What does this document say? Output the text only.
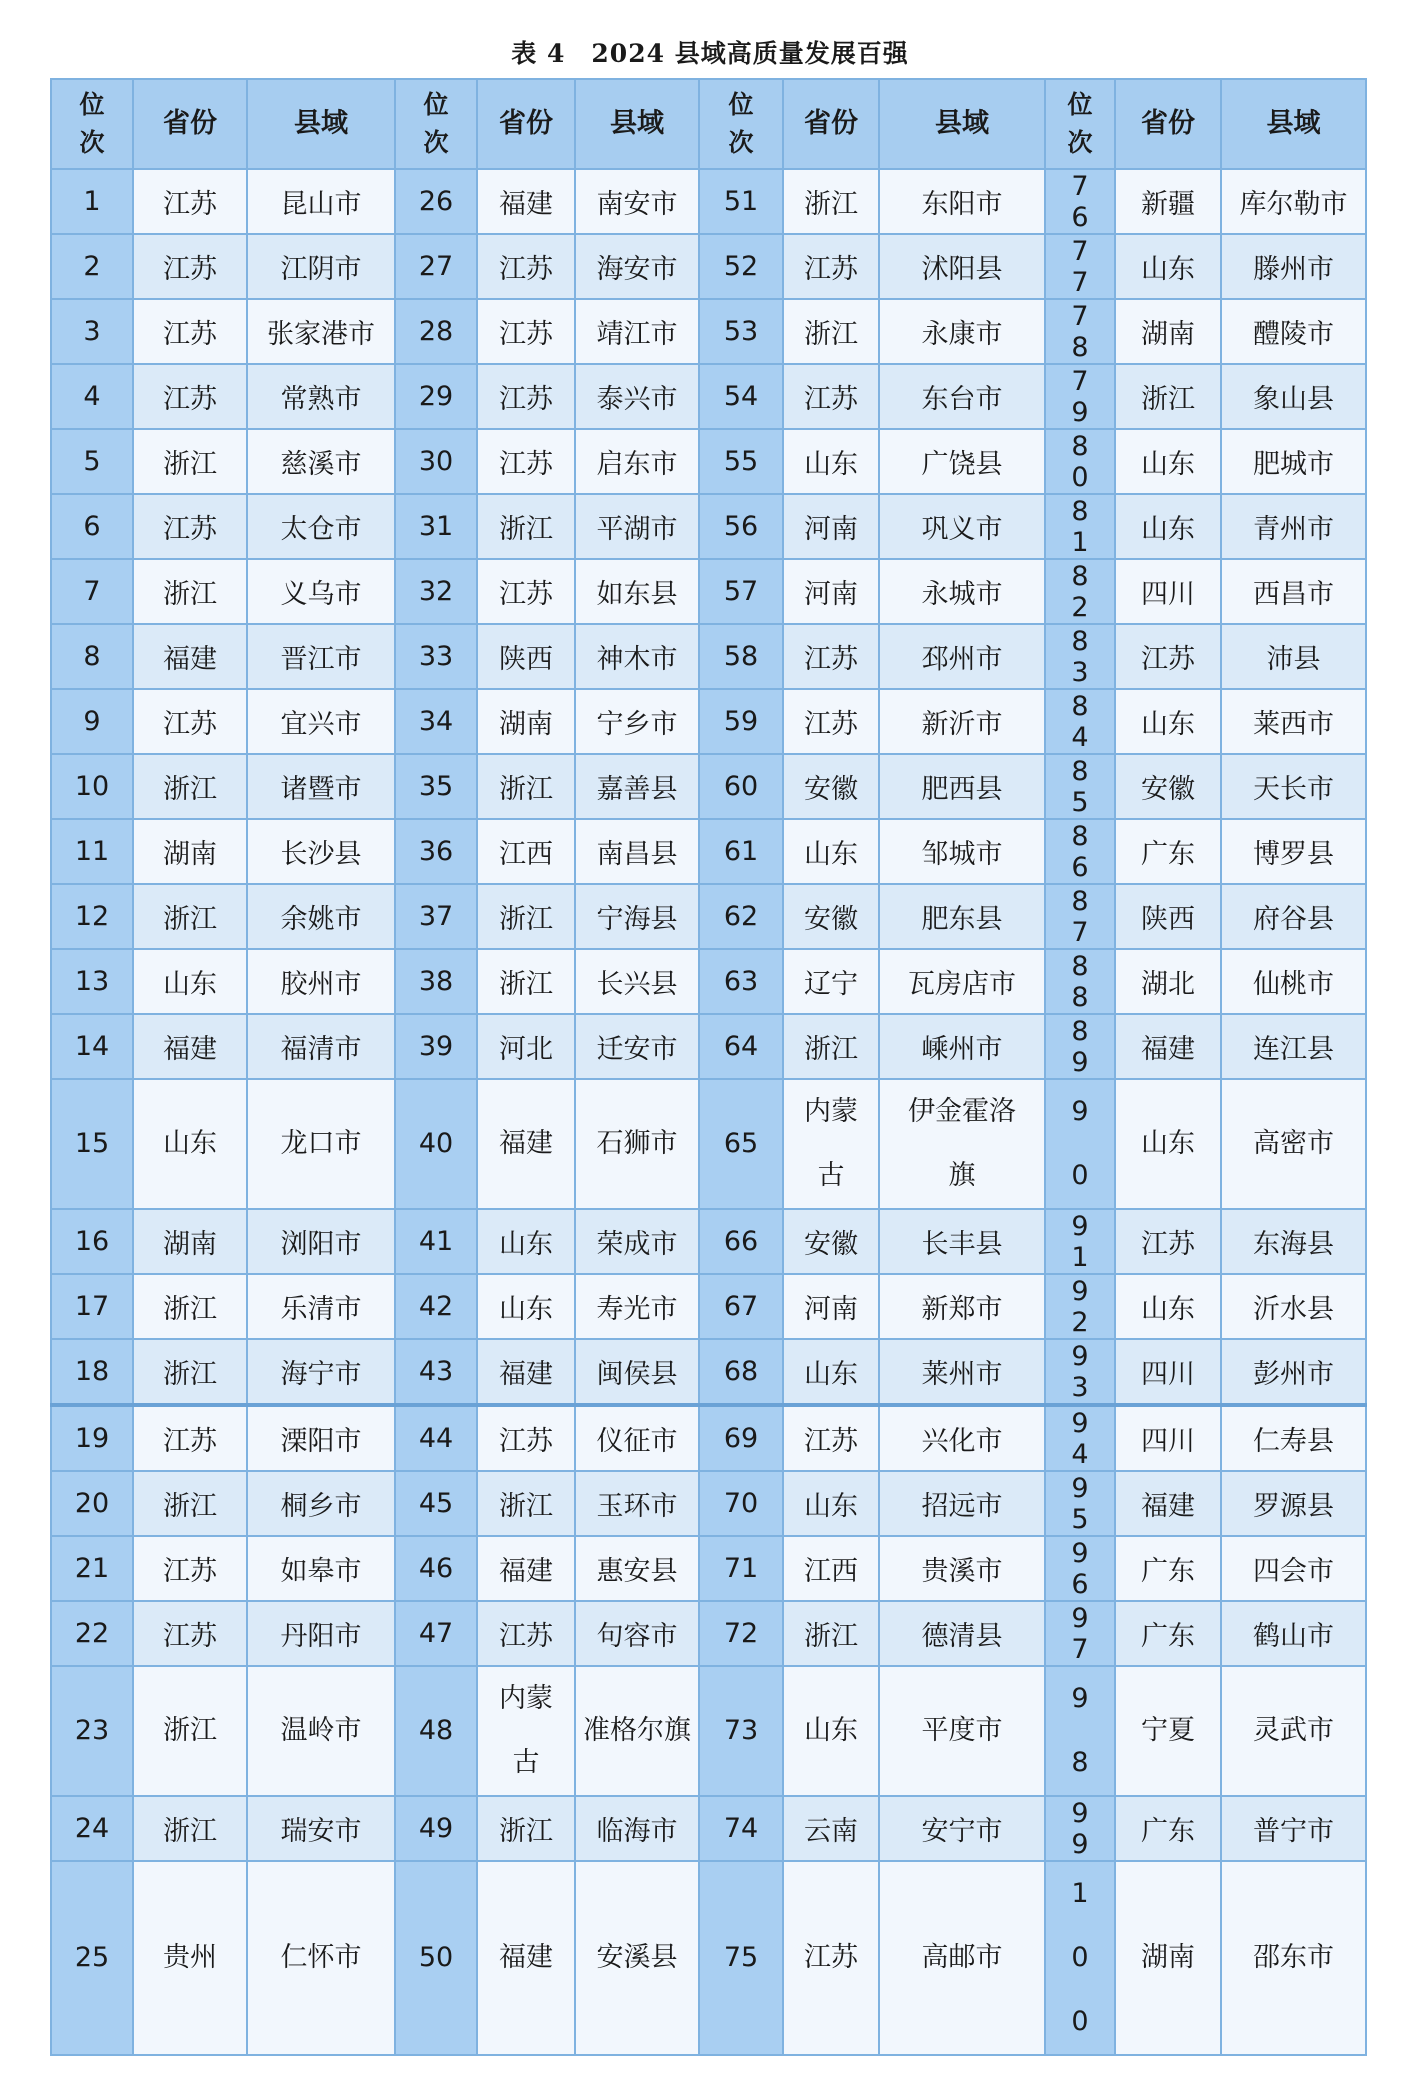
表 4 2024 县域高质量发展百强
位次	省份	县域	位次	省份	县域	位次	省份	县域	位次	省份	县域
1	江苏	昆山市	26	福建	南安市	51	浙江	东阳市	76	新疆	库尔勒市
2	江苏	江阴市	27	江苏	海安市	52	江苏	沭阳县	77	山东	滕州市
3	江苏	张家港市	28	江苏	靖江市	53	浙江	永康市	78	湖南	醴陵市
4	江苏	常熟市	29	江苏	泰兴市	54	江苏	东台市	79	浙江	象山县
5	浙江	慈溪市	30	江苏	启东市	55	山东	广饶县	80	山东	肥城市
6	江苏	太仓市	31	浙江	平湖市	56	河南	巩义市	81	山东	青州市
7	浙江	义乌市	32	江苏	如东县	57	河南	永城市	82	四川	西昌市
8	福建	晋江市	33	陕西	神木市	58	江苏	邳州市	83	江苏	沛县
9	江苏	宜兴市	34	湖南	宁乡市	59	江苏	新沂市	84	山东	莱西市
10	浙江	诸暨市	35	浙江	嘉善县	60	安徽	肥西县	85	安徽	天长市
11	湖南	长沙县	36	江西	南昌县	61	山东	邹城市	86	广东	博罗县
12	浙江	余姚市	37	浙江	宁海县	62	安徽	肥东县	87	陕西	府谷县
13	山东	胶州市	38	浙江	长兴县	63	辽宁	瓦房店市	88	湖北	仙桃市
14	福建	福清市	39	河北	迁安市	64	浙江	嵊州市	89	福建	连江县
15	山东	龙口市	40	福建	石狮市	65	内蒙古	伊金霍洛旗	90	山东	高密市
16	湖南	浏阳市	41	山东	荣成市	66	安徽	长丰县	91	江苏	东海县
17	浙江	乐清市	42	山东	寿光市	67	河南	新郑市	92	山东	沂水县
18	浙江	海宁市	43	福建	闽侯县	68	山东	莱州市	93	四川	彭州市
19	江苏	溧阳市	44	江苏	仪征市	69	江苏	兴化市	94	四川	仁寿县
20	浙江	桐乡市	45	浙江	玉环市	70	山东	招远市	95	福建	罗源县
21	江苏	如皋市	46	福建	惠安县	71	江西	贵溪市	96	广东	四会市
22	江苏	丹阳市	47	江苏	句容市	72	浙江	德清县	97	广东	鹤山市
23	浙江	温岭市	48	内蒙古	准格尔旗	73	山东	平度市	98	宁夏	灵武市
24	浙江	瑞安市	49	浙江	临海市	74	云南	安宁市	99	广东	普宁市
25	贵州	仁怀市	50	福建	安溪县	75	江苏	高邮市	100	湖南	邵东市
